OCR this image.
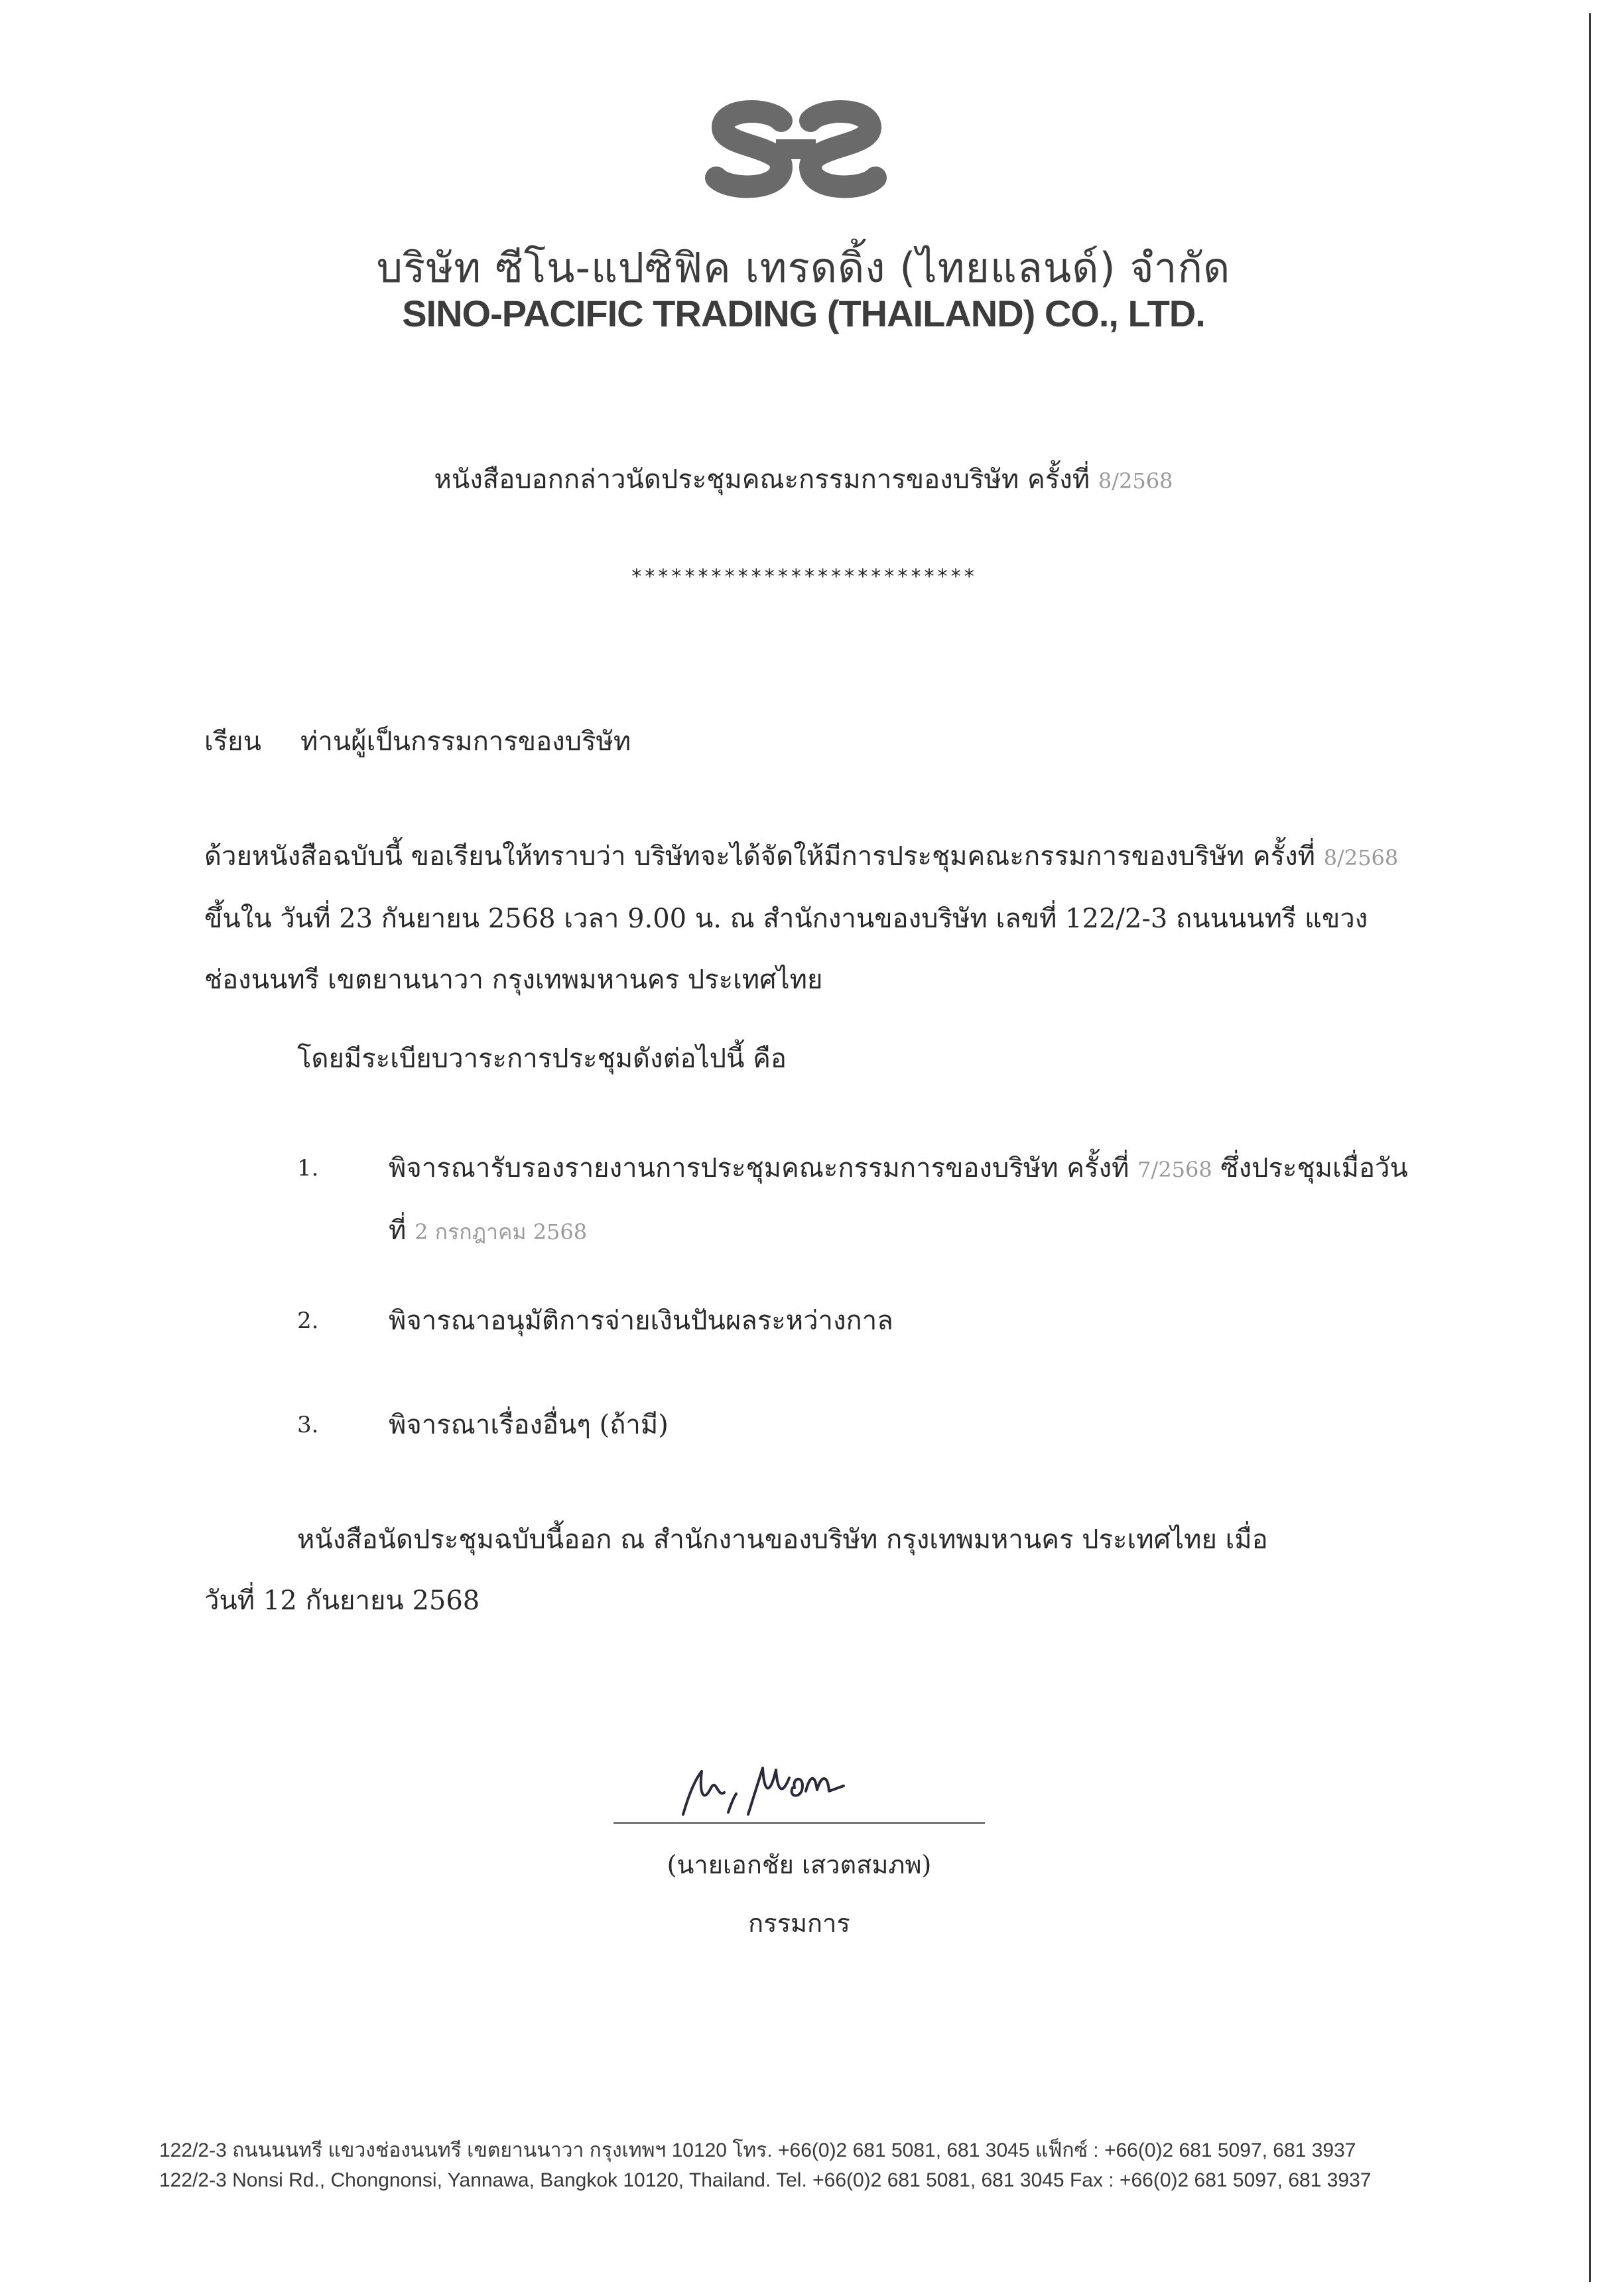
บริษัท ซีโน-แปซิฟิค เทรดดิ้ง (ไทยแลนด์) จำกัด
SINO-PACIFIC TRADING (THAILAND) CO., LTD.
หนังสือบอกกล่าวนัดประชุมคณะกรรมการของบริษัท ครั้งที่ 8/2568
**************************
เรียน ท่านผู้เป็นกรรมการของบริษัท
ด้วยหนังสือฉบับนี้ ขอเรียนให้ทราบว่า บริษัทจะได้จัดให้มีการประชุมคณะกรรมการของบริษัท ครั้งที่ 8/2568 ขึ้นใน วันที่ 23 กันยายน 2568 เวลา 9.00 น. ณ สำนักงานของบริษัท เลขที่ 122/2-3 ถนนนนทรี แขวงช่องนนทรี เขตยานนาวา กรุงเทพมหานคร ประเทศไทย
โดยมีระเบียบวาระการประชุมดังต่อไปนี้ คือ
1.	พิจารณารับรองรายงานการประชุมคณะกรรมการของบริษัท ครั้งที่ 7/2568 ซึ่งประชุมเมื่อวันที่ 2 กรกฎาคม 2568
2.	พิจารณาอนุมัติการจ่ายเงินปันผลระหว่างกาล
3.	พิจารณาเรื่องอื่นๆ (ถ้ามี)
หนังสือนัดประชุมฉบับนี้ออก ณ สำนักงานของบริษัท กรุงเทพมหานคร ประเทศไทย เมื่อวันที่ 12 กันยายน 2568
(นายเอกชัย เสวตสมภพ)
กรรมการ
122/2-3 ถนนนนทรี แขวงช่องนนทรี เขตยานนาวา กรุงเทพฯ 10120 โทร. +66(0)2 681 5081, 681 3045 แฟ็กซ์ : +66(0)2 681 5097, 681 3937
122/2-3 Nonsi Rd., Chongnonsi, Yannawa, Bangkok 10120, Thailand. Tel. +66(0)2 681 5081, 681 3045 Fax : +66(0)2 681 5097, 681 3937
